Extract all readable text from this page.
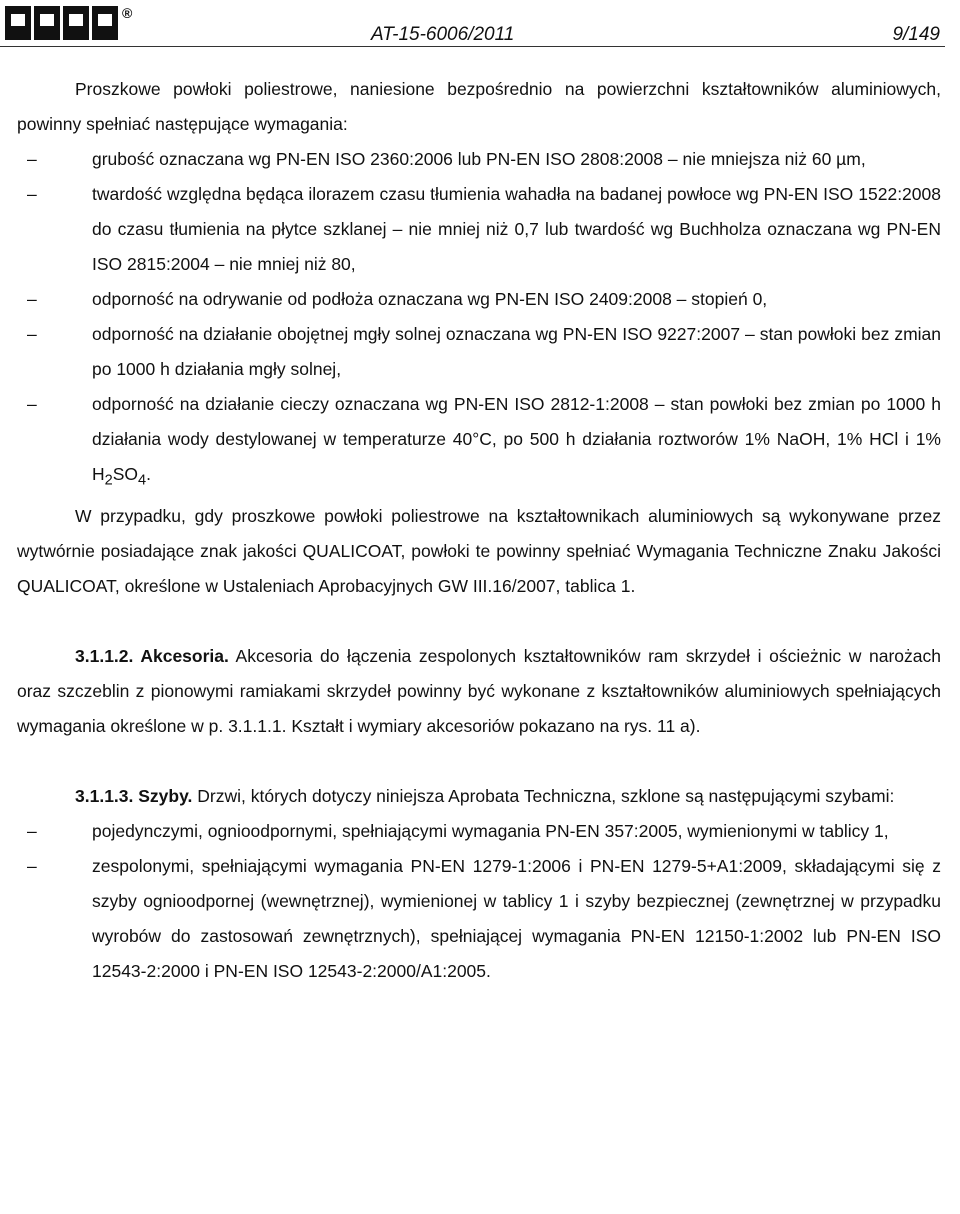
®
AT-15-6006/2011	9/149

Proszkowe powłoki poliestrowe, naniesione bezpośrednio na powierzchni kształtowników aluminiowych, powinny spełniać następujące wymagania:

–	grubość oznaczana wg PN-EN ISO 2360:2006 lub PN-EN ISO 2808:2008 – nie mniejsza niż 60 µm,
–	twardość względna będąca ilorazem czasu tłumienia wahadła na badanej powłoce wg PN-EN ISO 1522:2008 do czasu tłumienia na płytce szklanej – nie mniej niż 0,7 lub twardość wg Buchholza oznaczana wg PN-EN ISO 2815:2004 – nie mniej niż 80,
–	odporność na odrywanie od podłoża oznaczana wg PN-EN ISO 2409:2008 – stopień 0,
–	odporność na działanie obojętnej mgły solnej oznaczana wg PN-EN ISO 9227:2007 – stan powłoki bez zmian po 1000 h działania mgły solnej,
–	odporność na działanie cieczy oznaczana wg PN-EN ISO 2812-1:2008 – stan powłoki bez zmian po 1000 h działania wody destylowanej w temperaturze 40°C, po 500 h działania roztworów 1% NaOH, 1% HCl i 1% $H_2SO_4$.

W przypadku, gdy proszkowe powłoki poliestrowe na kształtownikach aluminiowych są wykonywane przez wytwórnie posiadające znak jakości QUALICOAT, powłoki te powinny spełniać Wymagania Techniczne Znaku Jakości QUALICOAT, określone w Ustaleniach Aprobacyjnych GW III.16/2007, tablica 1.

3.1.1.2. Akcesoria. Akcesoria do łączenia zespolonych kształtowników ram skrzydeł i ościeżnic w narożach oraz szczeblin z pionowymi ramiakami skrzydeł powinny być wykonane z kształtowników aluminiowych spełniających wymagania określone w p. 3.1.1.1. Kształt i wymiary akcesoriów pokazano na rys. 11 a).

3.1.1.3. Szyby. Drzwi, których dotyczy niniejsza Aprobata Techniczna, szklone są następującymi szybami:

–	pojedynczymi, ognioodpornymi, spełniającymi wymagania PN-EN 357:2005, wymienionymi w tablicy 1,
–	zespolonymi, spełniającymi wymagania PN-EN 1279-1:2006 i PN-EN 1279-5+A1:2009, składającymi się z szyby ognioodpornej (wewnętrznej), wymienionej w tablicy 1 i szyby bezpiecznej (zewnętrznej w przypadku wyrobów do zastosowań zewnętrznych), spełniającej wymagania PN-EN 12150-1:2002 lub PN-EN ISO 12543-2:2000 i PN-EN ISO 12543-2:2000/A1:2005.
